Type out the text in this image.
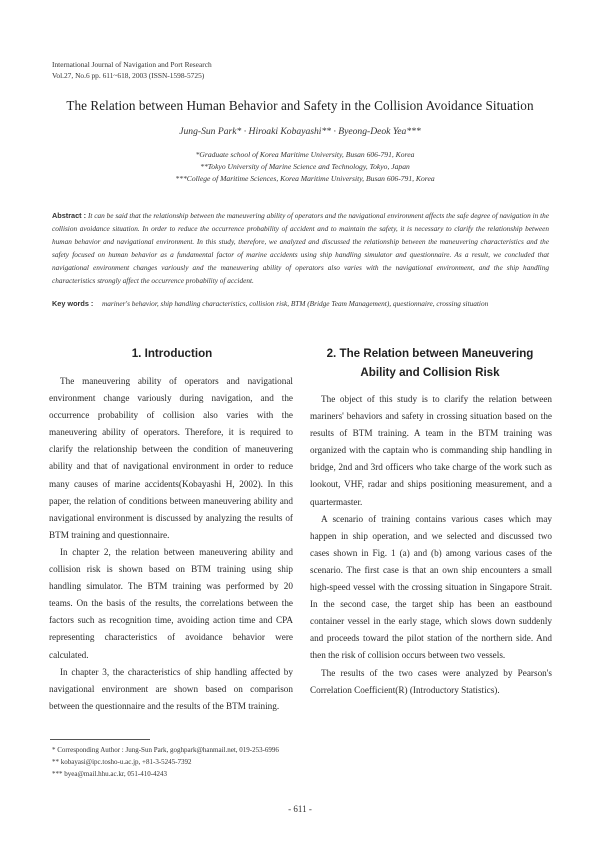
International Journal of Navigation and Port Research
Vol.27, No.6 pp. 611~618, 2003 (ISSN-1598-5725)
The Relation between Human Behavior and Safety in the Collision Avoidance Situation
Jung-Sun Park* · Hiroaki Kobayashi** · Byeong-Deok Yea***
*Graduate school of Korea Maritime University, Busan 606-791, Korea
**Tokyo University of Marine Science and Technology, Tokyo, Japan
***College of Maritime Sciences, Korea Maritime University, Busan 606-791, Korea
Abstract : It can be said that the relationship between the maneuvering ability of operators and the navigational environment affects the safe degree of navigation in the collision avoidance situation. In order to reduce the occurrence probability of accident and to maintain the safety, it is necessary to clarify the relationship between human behavior and navigational environment. In this study, therefore, we analyzed and discussed the relationship between the maneuvering characteristics and the safety focused on human behavior as a fundamental factor of marine accidents using ship handling simulator and questionnaire. As a result, we concluded that navigational environment changes variously and the maneuvering ability of operators also varies with the navigational environment, and the ship handling characteristics strongly affect the occurrence probability of accident.
Key words :	mariner's behavior, ship handling characteristics, collision risk, BTM (Bridge Team Management), questionnaire, crossing situation
1. Introduction

The maneuvering ability of operators and navigational environment change variously during navigation, and the occurrence probability of collision also varies with the maneuvering ability of operators. Therefore, it is required to clarify the relationship between the condition of maneuvering ability and that of navigational environment in order to reduce many causes of marine accidents(Kobayashi H, 2002). In this paper, the relation of conditions between maneuvering ability and navigational environment is discussed by analyzing the results of BTM training and questionnaire.

In chapter 2, the relation between maneuvering ability and collision risk is shown based on BTM training using ship handling simulator. The BTM training was performed by 20 teams. On the basis of the results, the correlations between the factors such as recognition time, avoiding action time and CPA representing characteristics of avoidance behavior were calculated.

In chapter 3, the characteristics of ship handling affected by navigational environment are shown based on comparison between the questionnaire and the results of the BTM training.

2. The Relation between Maneuvering
Ability and Collision Risk

The object of this study is to clarify the relation between mariners' behaviors and safety in crossing situation based on the results of BTM training. A team in the BTM training was organized with the captain who is commanding ship handling in bridge, 2nd and 3rd officers who take charge of the work such as lookout, VHF, radar and ships positioning measurement, and a quartermaster.

A scenario of training contains various cases which may happen in ship operation, and we selected and discussed two cases shown in Fig. 1 (a) and (b) among various cases of the scenario. The first case is that an own ship encounters a small high-speed vessel with the crossing situation in Singapore Strait. In the second case, the target ship has been an eastbound container vessel in the early stage, which slows down suddenly and proceeds toward the pilot station of the northern side. And then the risk of collision occurs between two vessels.

The results of the two cases were analyzed by Pearson's Correlation Coefficient(R) (Introductory Statistics).

* Corresponding Author : Jung-Sun Park, goghpark@hanmail.net, 019-253-6996
** kobayasi@ipc.tosho-u.ac.jp, +81-3-5245-7392
*** byea@mail.hhu.ac.kr, 051-410-4243
- 611 -
